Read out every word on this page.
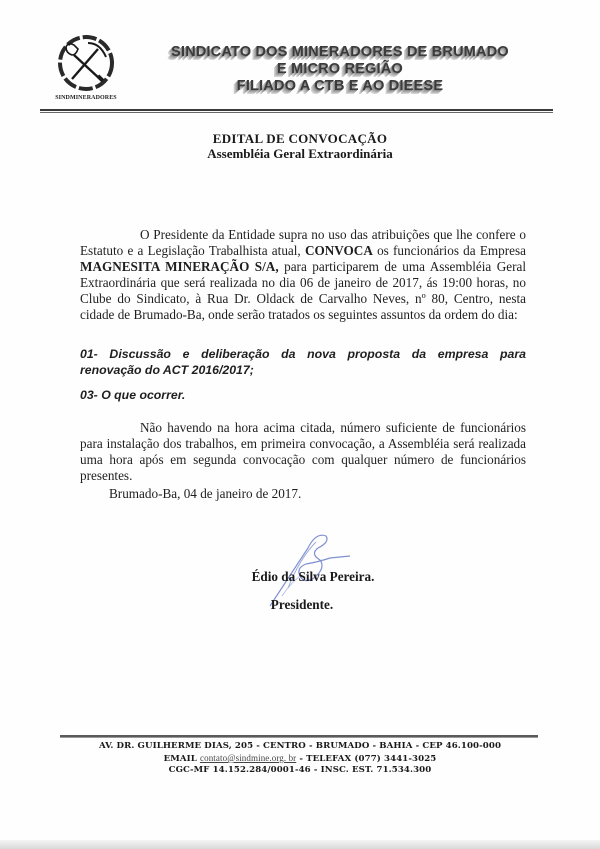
SINDMINERADORES
SINDICATO DOS MINERADORES DE BRUMADO
E MICRO REGIÃO
FILIADO A CTB E AO DIEESE
EDITAL DE CONVOCAÇÃO
Assembléia Geral Extraordinária
O Presidente da Entidade supra no uso das atribuições que lhe confere o Estatuto e a Legislação Trabalhista atual, CONVOCA os funcionários da Empresa MAGNESITA MINERAÇÃO S/A, para participarem de uma Assembléia Geral Extraordinária que será realizada no dia 06 de janeiro de 2017, ás 19:00 horas, no Clube do Sindicato, à Rua Dr. Oldack de Carvalho Neves, nº 80, Centro, nesta cidade de Brumado-Ba, onde serão tratados os seguintes assuntos da ordem do dia:
01- Discussão e deliberação da nova proposta da empresa para
renovação do ACT 2016/2017;
03- O que ocorrer.
Não havendo na hora acima citada, número suficiente de funcionários para instalação dos trabalhos, em primeira convocação, a Assembléia será realizada uma hora após em segunda convocação com qualquer número de funcionários presentes.
Brumado-Ba, 04 de janeiro de 2017.
Édio da Silva Pereira.
Presidente.
AV. DR. GUILHERME DIAS, 205 - CENTRO - BRUMADO - BAHIA - CEP 46.100-000
EMAIL contato@sindmine.org. br - TELEFAX (077) 3441-3025
CGC-MF 14.152.284/0001-46 - INSC. EST. 71.534.300
